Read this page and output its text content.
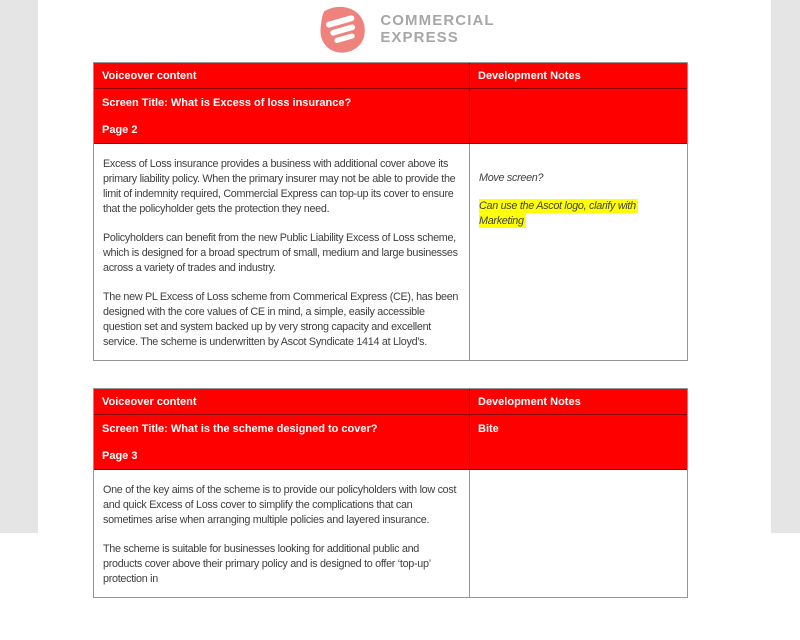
COMMERCIAL
EXPRESS
Voiceover content	Development Notes
Screen Title: What is Excess of loss insurance?
Page 2

Excess of Loss insurance provides a business with additional cover above its primary liability policy. When the primary insurer may not be able to provide the limit of indemnity required, Commercial Express can top-up its cover to ensure that the policyholder gets the protection they need.

Policyholders can benefit from the new Public Liability Excess of Loss scheme, which is designed for a broad spectrum of small, medium and large businesses across a variety of trades and industry.

The new PL Excess of Loss scheme from Commerical Express (CE), has been designed with the core values of CE in mind, a simple, easily accessible question set and system backed up by very strong capacity and excellent service. The scheme is underwritten by Ascot Syndicate 1414 at Lloyd’s.

Move screen?

Can use the Ascot logo, clarify with Marketing

Voiceover content	Development Notes
Screen Title: What is the scheme designed to cover?
Page 3
Bite

One of the key aims of the scheme is to provide our policyholders with low cost and quick Excess of Loss cover to simplify the complications that can sometimes arise when arranging multiple policies and layered insurance.

The scheme is suitable for businesses looking for additional public and products cover above their primary policy and is designed to offer ‘top-up’ protection in
